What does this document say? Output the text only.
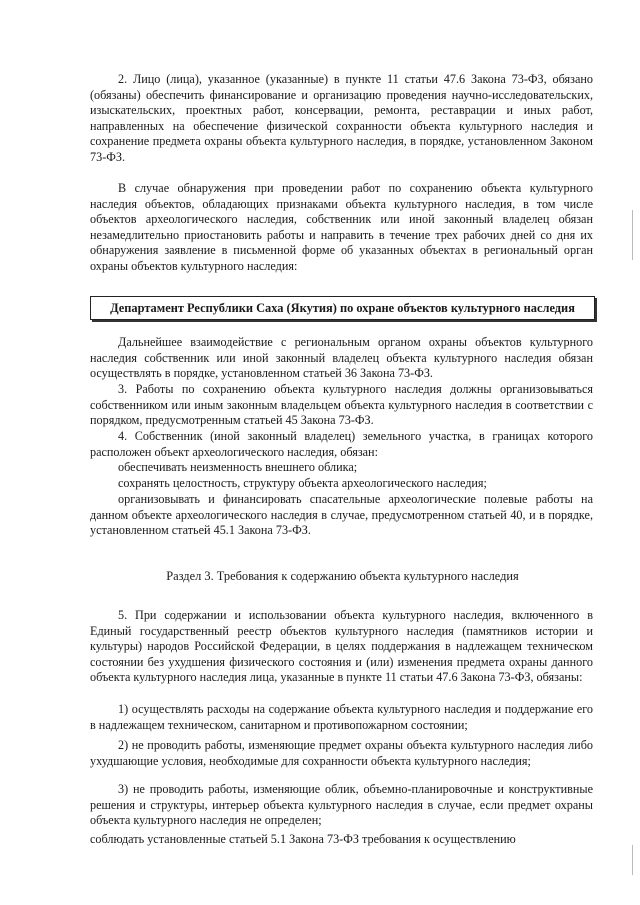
2. Лицо (лица), указанное (указанные) в пункте 11 статьи 47.6 Закона 73-ФЗ, обязано (обязаны) обеспечить финансирование и организацию проведения научно-исследовательских, изыскательских, проектных работ, консервации, ремонта, реставрации и иных работ, направленных на обеспечение физической сохранности объекта культурного наследия и сохранение предмета охраны объекта культурного наследия, в порядке, установленном Законом 73-ФЗ.

В случае обнаружения при проведении работ по сохранению объекта культурного наследия объектов, обладающих признаками объекта культурного наследия, в том числе объектов археологического наследия, собственник или иной законный владелец обязан незамедлительно приостановить работы и направить в течение трех рабочих дней со дня их обнаружения заявление в письменной форме об указанных объектах в региональный орган охраны объектов культурного наследия:

Департамент Республики Саха (Якутия) по охране объектов культурного наследия

Дальнейшее взаимодействие с региональным органом охраны объектов культурного наследия собственник или иной законный владелец объекта культурного наследия обязан осуществлять в порядке, установленном статьей 36 Закона 73-ФЗ.

3. Работы по сохранению объекта культурного наследия должны организовываться собственником или иным законным владельцем объекта культурного наследия в соответствии с порядком, предусмотренным статьей 45 Закона 73-ФЗ.

4. Собственник (иной законный владелец) земельного участка, в границах которого расположен объект археологического наследия, обязан:

обеспечивать неизменность внешнего облика;

сохранять целостность, структуру объекта археологического наследия;

организовывать и финансировать спасательные археологические полевые работы на данном объекте археологического наследия в случае, предусмотренном статьей 40, и в порядке, установленном статьей 45.1 Закона 73-ФЗ.

Раздел 3. Требования к содержанию объекта культурного наследия

5. При содержании и использовании объекта культурного наследия, включенного в Единый государственный реестр объектов культурного наследия (памятников истории и культуры) народов Российской Федерации, в целях поддержания в надлежащем техническом состоянии без ухудшения физического состояния и (или) изменения предмета охраны данного объекта культурного наследия лица, указанные в пункте 11 статьи 47.6 Закона 73-ФЗ, обязаны:

1) осуществлять расходы на содержание объекта культурного наследия и поддержание его в надлежащем техническом, санитарном и противопожарном состоянии;

2) не проводить работы, изменяющие предмет охраны объекта культурного наследия либо ухудшающие условия, необходимые для сохранности объекта культурного наследия;

3) не проводить работы, изменяющие облик, объемно-планировочные и конструктивные решения и структуры, интерьер объекта культурного наследия в случае, если предмет охраны объекта культурного наследия не определен;

соблюдать установленные статьей 5.1 Закона 73-ФЗ требования к осуществлению
